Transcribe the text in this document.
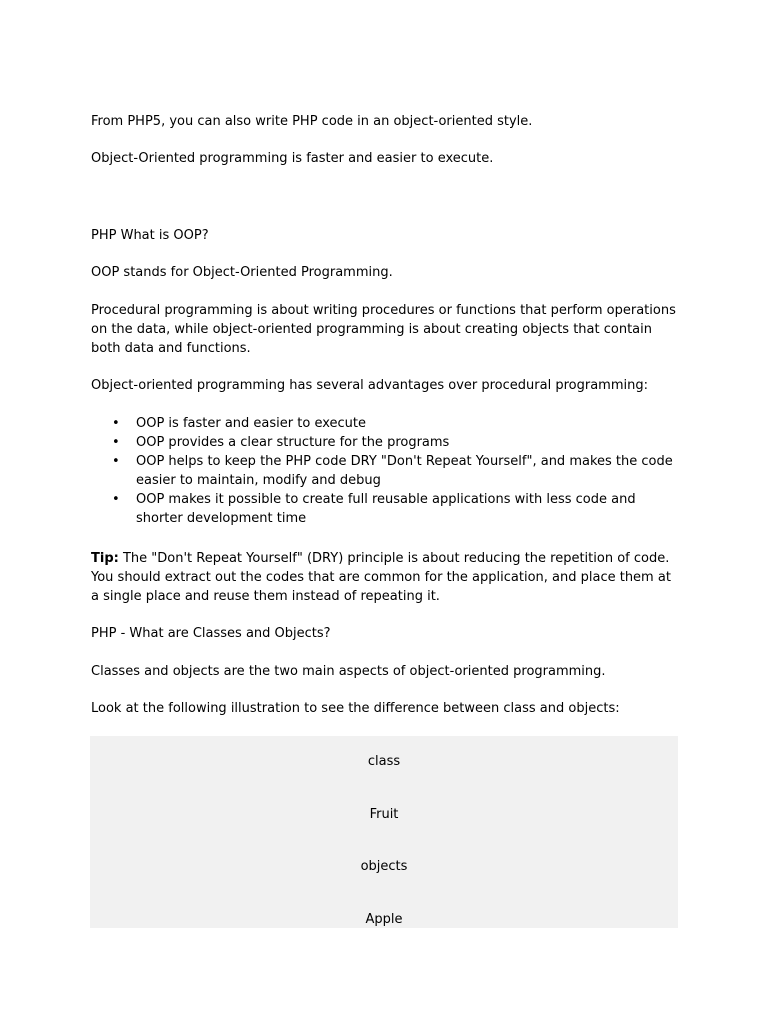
From PHP5, you can also write PHP code in an object-oriented style.

Object-Oriented programming is faster and easier to execute.

PHP What is OOP?

OOP stands for Object-Oriented Programming.

Procedural programming is about writing procedures or functions that perform operations on the data, while object-oriented programming is about creating objects that contain both data and functions.

Object-oriented programming has several advantages over procedural programming:

• OOP is faster and easier to execute
• OOP provides a clear structure for the programs
• OOP helps to keep the PHP code DRY "Don't Repeat Yourself", and makes the code easier to maintain, modify and debug
• OOP makes it possible to create full reusable applications with less code and shorter development time

Tip: The "Don't Repeat Yourself" (DRY) principle is about reducing the repetition of code. You should extract out the codes that are common for the application, and place them at a single place and reuse them instead of repeating it.

PHP - What are Classes and Objects?

Classes and objects are the two main aspects of object-oriented programming.

Look at the following illustration to see the difference between class and objects:

class
Fruit
objects
Apple
